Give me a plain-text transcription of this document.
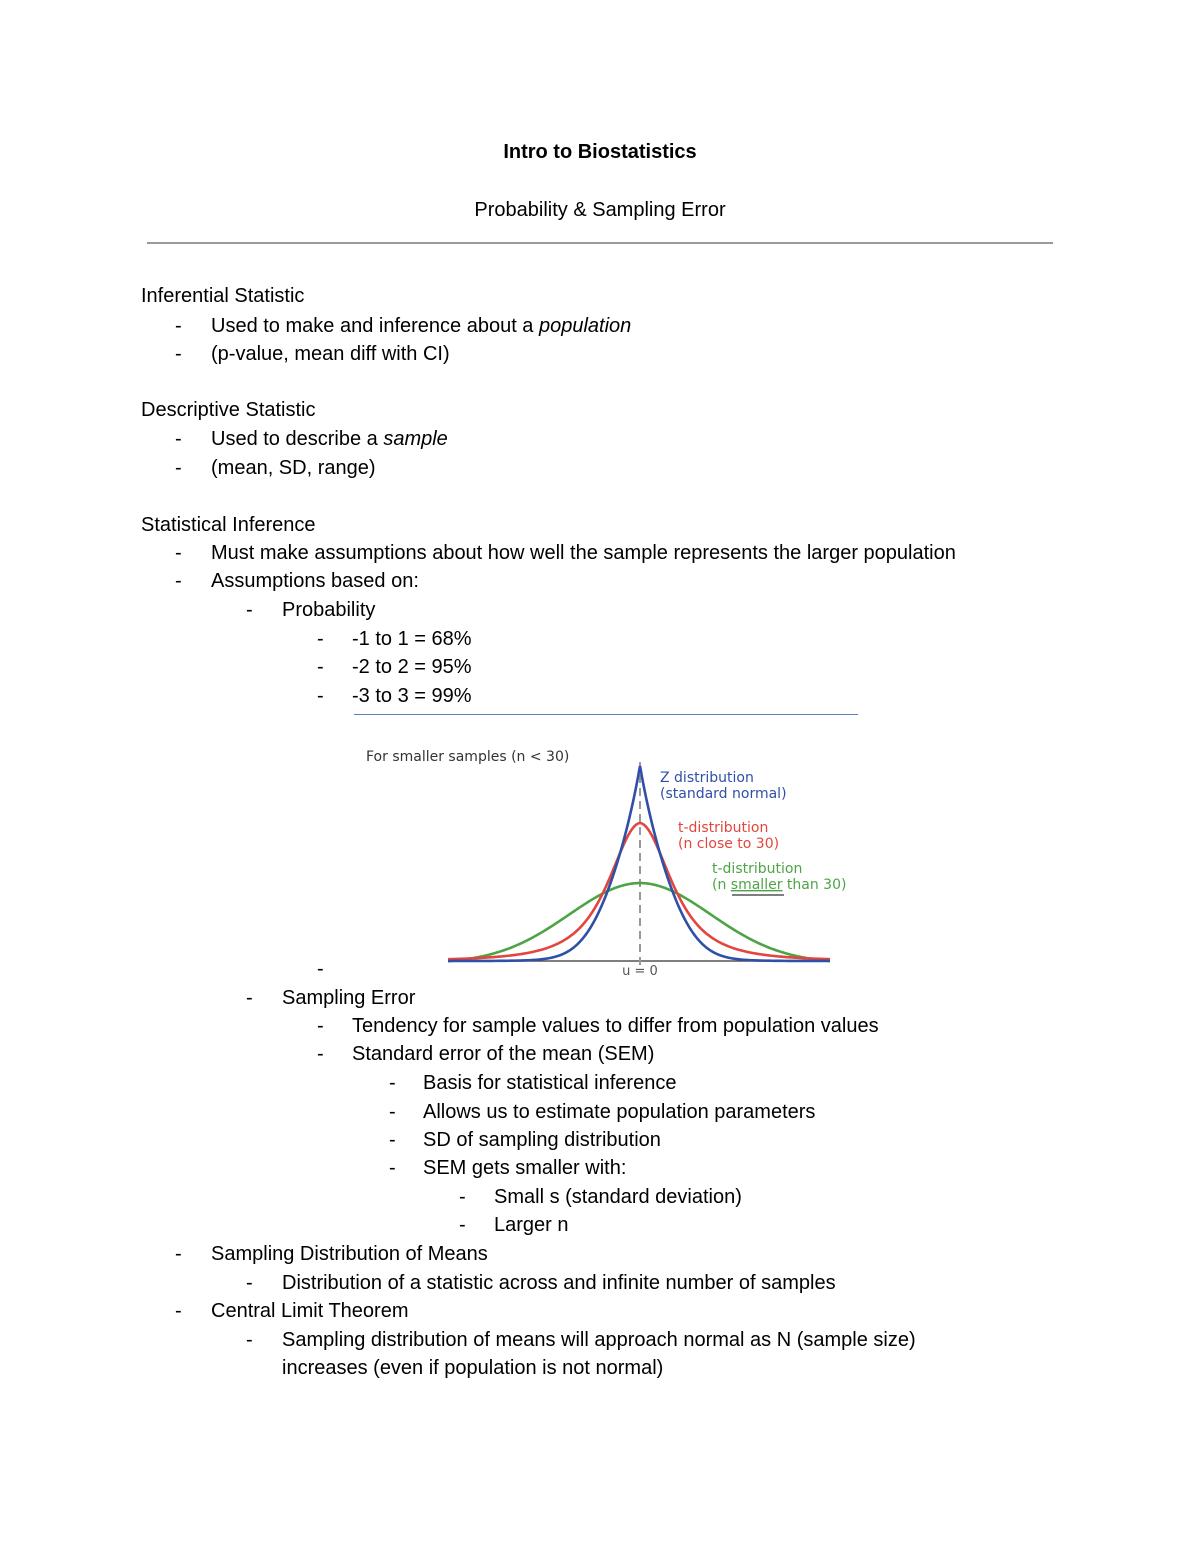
Intro to Biostatistics
Probability & Sampling Error
Inferential Statistic
- Used to make and inference about a population
- (p-value, mean diff with CI)
Descriptive Statistic
- Used to describe a sample
- (mean, SD, range)
Statistical Inference
- Must make assumptions about how well the sample represents the larger population
- Assumptions based on:
- Probability
- -1 to 1 = 68%
- -2 to 2 = 95%
- -3 to 3 = 99%
For smaller samples (n < 30)
u = 0
Z distribution
(standard normal)
t-distribution
(n close to 30)
t-distribution
(n smaller than 30)
-
- Sampling Error
- Tendency for sample values to differ from population values
- Standard error of the mean (SEM)
- Basis for statistical inference
- Allows us to estimate population parameters
- SD of sampling distribution
- SEM gets smaller with:
- Small s (standard deviation)
- Larger n
- Sampling Distribution of Means
- Distribution of a statistic across and infinite number of samples
- Central Limit Theorem
- Sampling distribution of means will approach normal as N (sample size)
increases (even if population is not normal)
